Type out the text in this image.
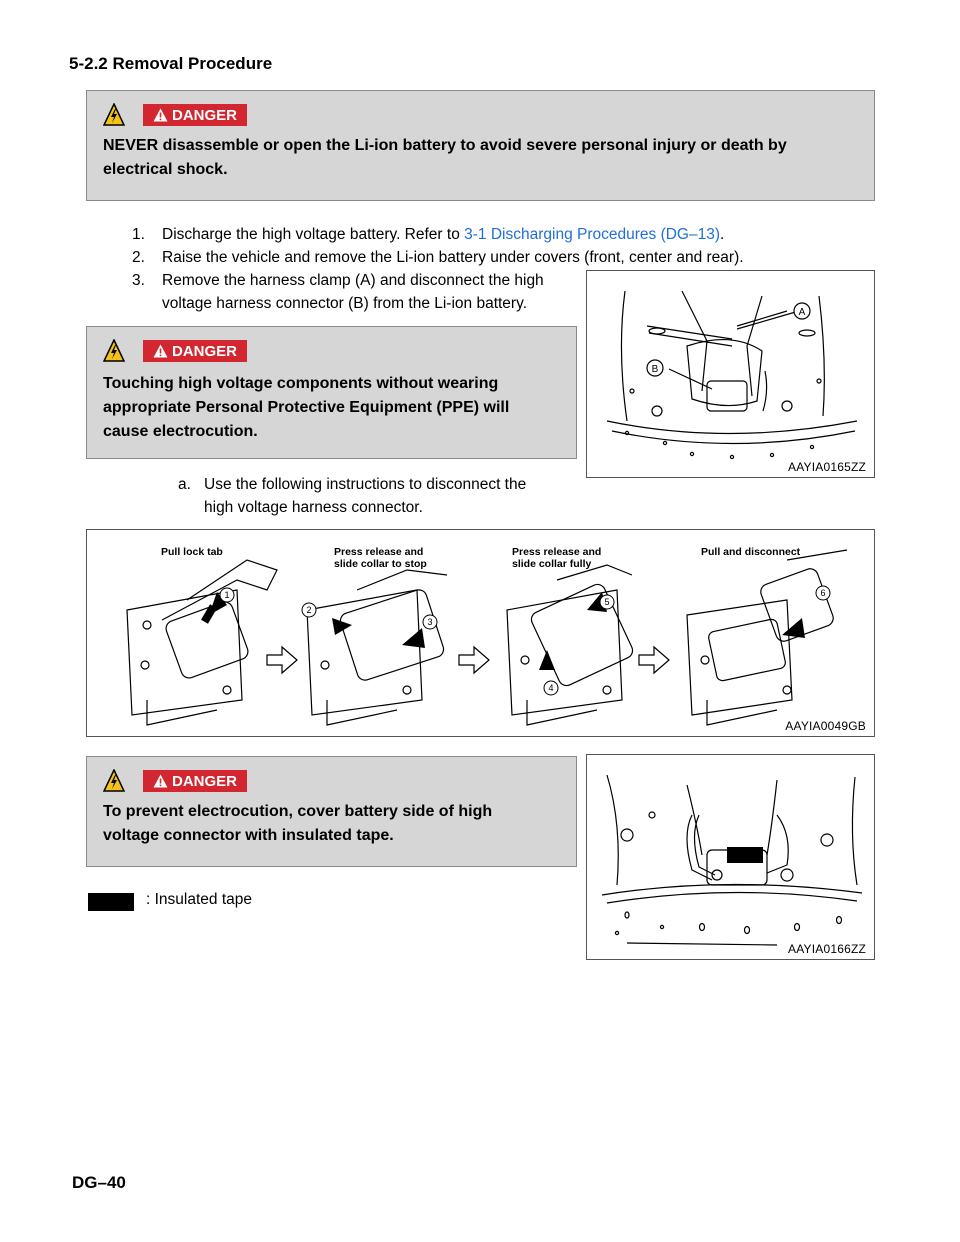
5-2.2 Removal Procedure
DANGER
NEVER disassemble or open the Li-ion battery to avoid severe personal injury or death by
electrical shock.
1. Discharge the high voltage battery. Refer to 3-1 Discharging Procedures (DG–13).
2. Raise the vehicle and remove the Li-ion battery under covers (front, center and rear).
3. Remove the harness clamp (A) and disconnect the high
voltage harness connector (B) from the Li-ion battery.
A
B
AAYIA0165ZZ
DANGER
Touching high voltage components without wearing
appropriate Personal Protective Equipment (PPE) will
cause electrocution.
a. Use the following instructions to disconnect the
high voltage harness connector.
Pull lock tab	Press release and
slide collar to stop
Press release and
slide collar fully
Pull and disconnect
1
2
3
4
5
6
AAYIA0049GB
DANGER
To prevent electrocution, cover battery side of high
voltage connector with insulated tape.
: Insulated tape
AAYIA0166ZZ
DG–40
